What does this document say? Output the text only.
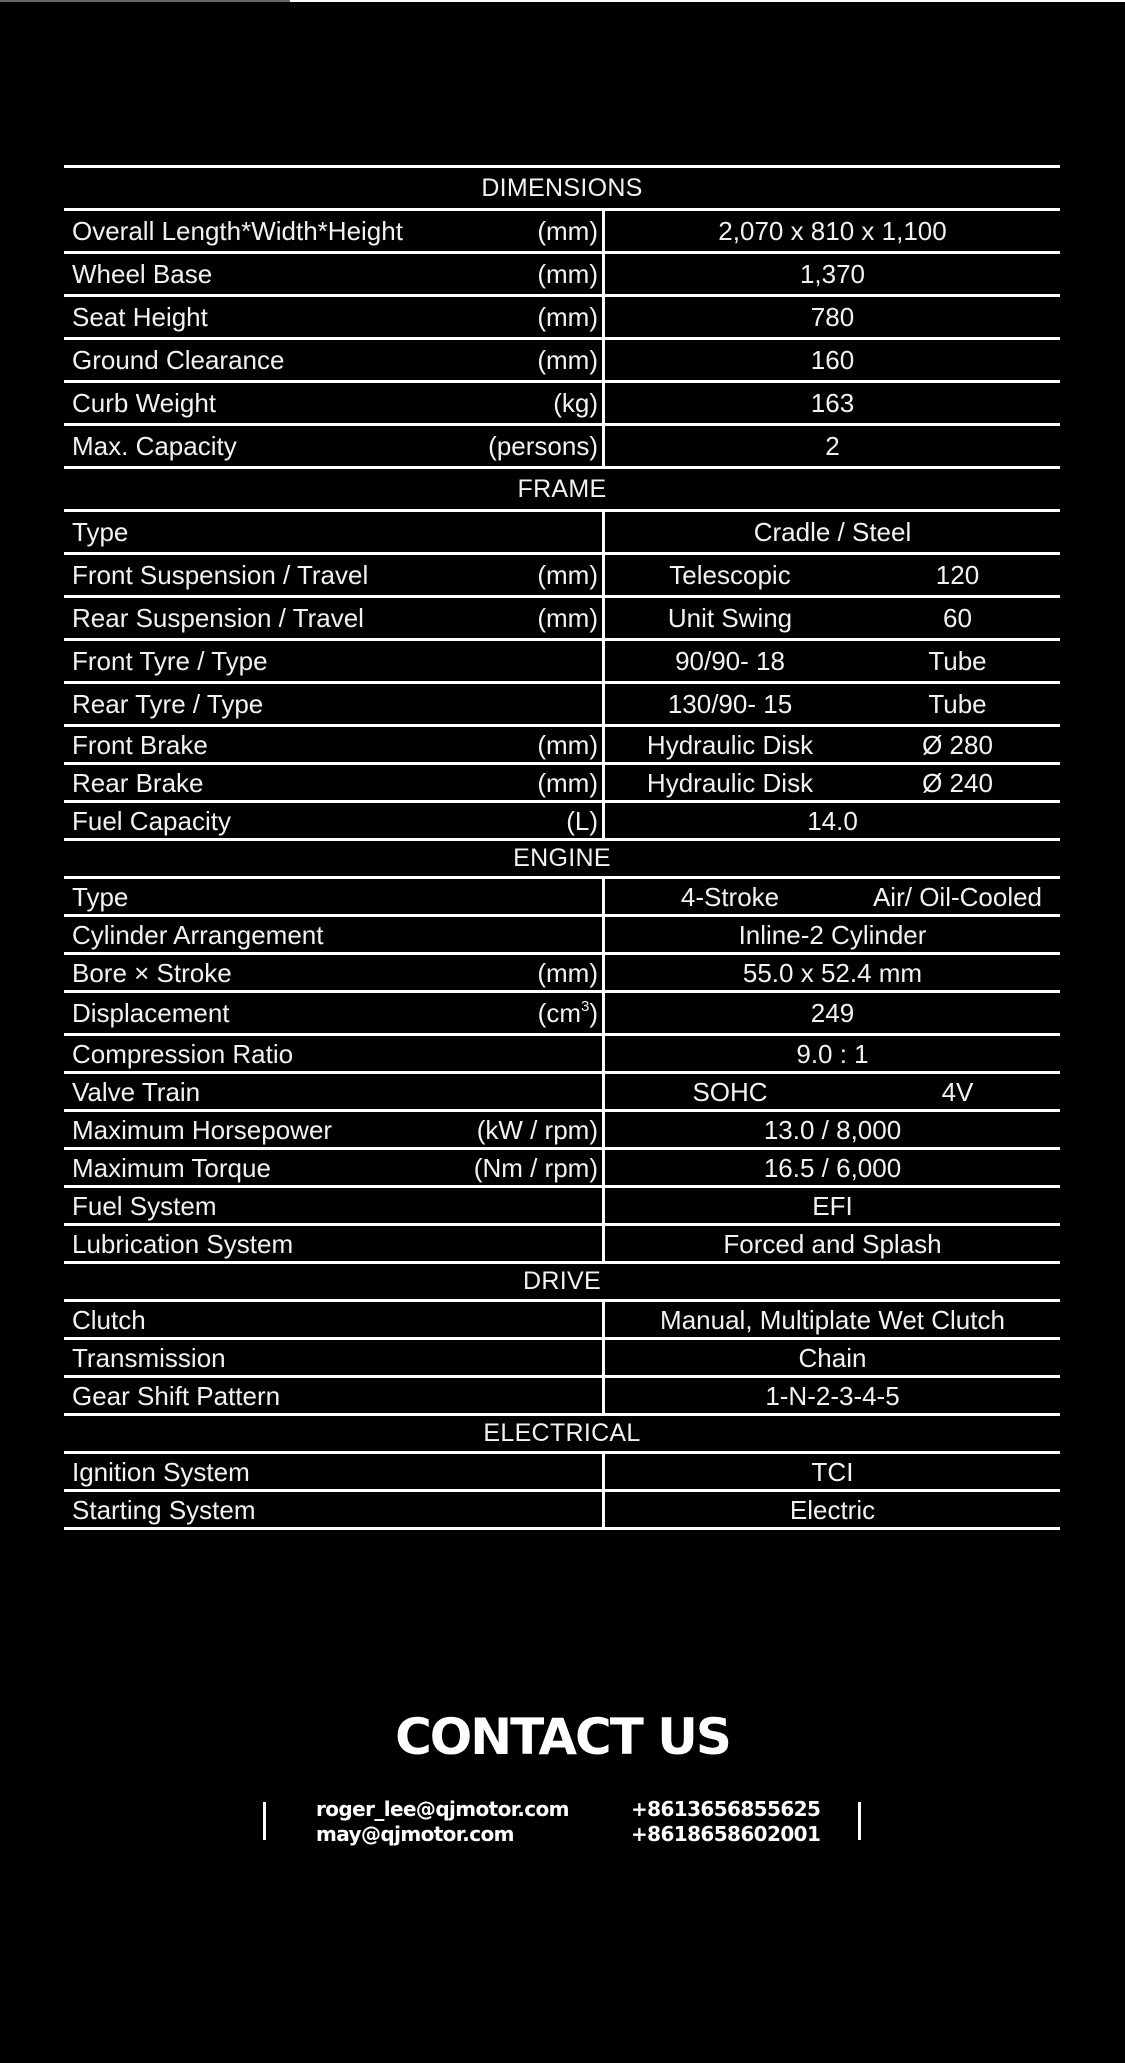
DIMENSIONS
Overall Length*Width*Height	(mm)	2,070 x 810 x 1,100
Wheel Base	(mm)	1,370
Seat Height	(mm)	780
Ground Clearance	(mm)	160
Curb Weight	(kg)	163
Max. Capacity	(persons)	2
FRAME
Type	Cradle / Steel
Front Suspension / Travel	(mm)	Telescopic	120
Rear Suspension / Travel	(mm)	Unit Swing	60
Front Tyre / Type	90/90- 18	Tube
Rear Tyre / Type	130/90- 15	Tube
Front Brake	(mm)	Hydraulic Disk	Ø 280
Rear Brake	(mm)	Hydraulic Disk	Ø 240
Fuel Capacity	(L)	14.0
ENGINE
Type	4-Stroke	Air/ Oil-Cooled
Cylinder Arrangement	Inline-2 Cylinder
Bore × Stroke	(mm)	55.0 x 52.4 mm
Displacement	$(cm^3)$	249
Compression Ratio	9.0 : 1
Valve Train	SOHC	4V
Maximum Horsepower	(kW / rpm)	13.0 / 8,000
Maximum Torque	(Nm / rpm)	16.5 / 6,000
Fuel System	EFI
Lubrication System	Forced and Splash
DRIVE
Clutch	Manual, Multiplate Wet Clutch
Transmission	Chain
Gear Shift Pattern	1-N-2-3-4-5
ELECTRICAL
Ignition System	TCI
Starting System	Electric
CONTACT US
roger_lee@qjmotor.com
may@qjmotor.com
+8613656855625
+8618658602001
